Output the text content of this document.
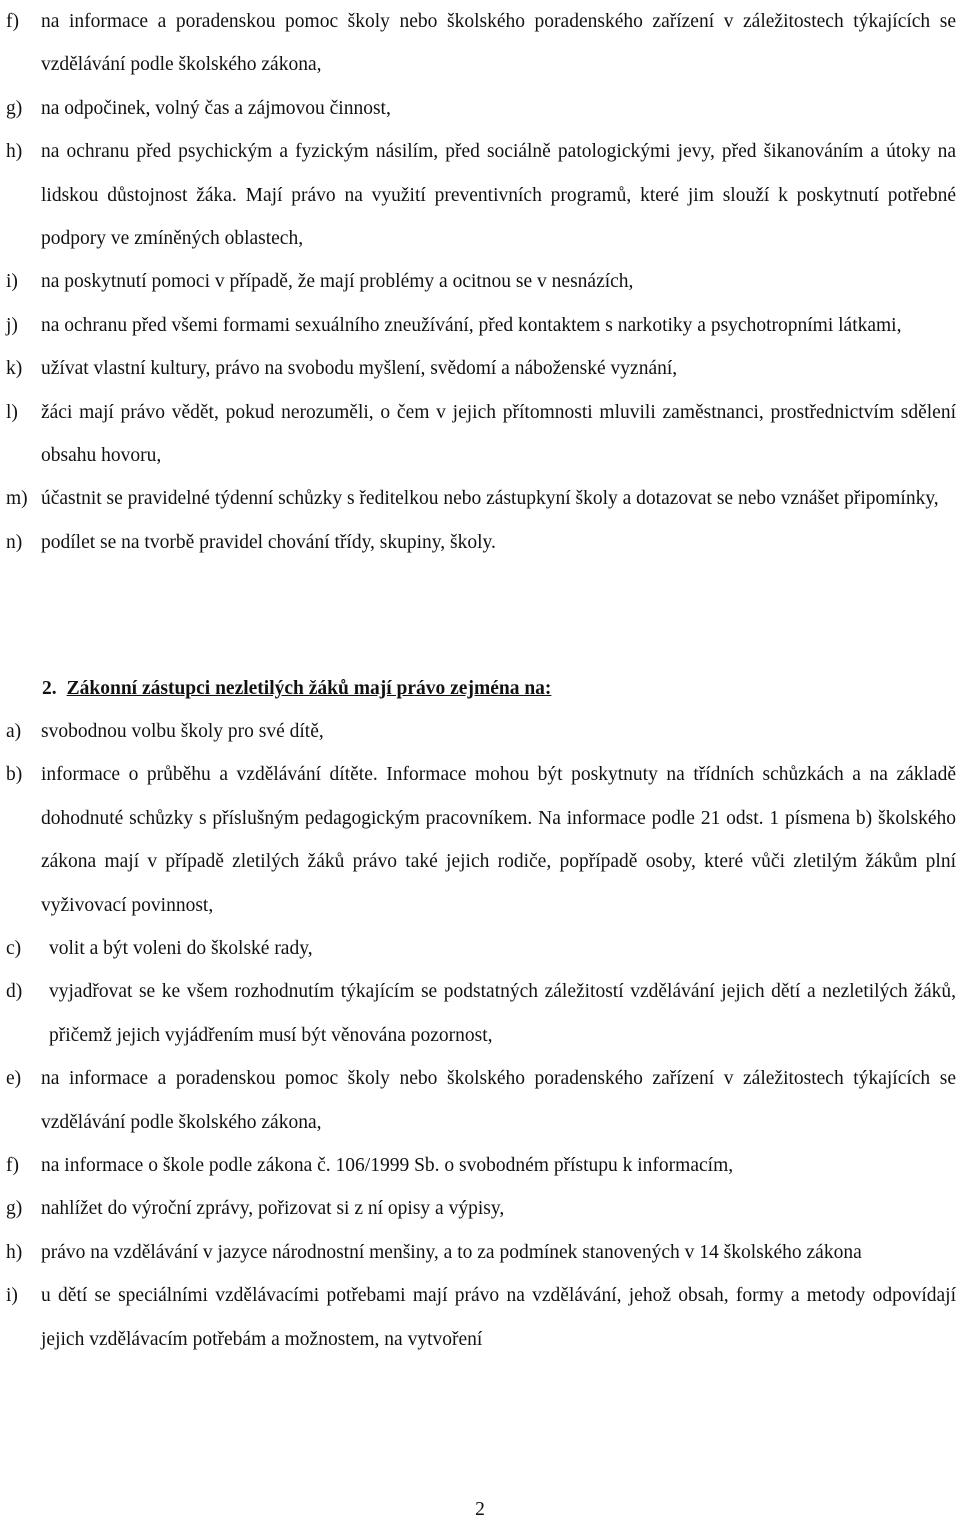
f)	na informace a poradenskou pomoc školy nebo školského poradenského zařízení v záležitostech týkajících se vzdělávání podle školského zákona,
g) na odpočinek, volný čas a zájmovou činnost,
h) na ochranu před psychickým a fyzickým násilím, před sociálně patologickými jevy, před šikanováním a útoky na lidskou důstojnost žáka. Mají právo na využití preventivních programů, které jim slouží k poskytnutí potřebné podpory ve zmíněných oblastech,
i)	na poskytnutí pomoci v případě, že mají problémy a ocitnou se v nesnázích,
j)	na ochranu před všemi formami sexuálního zneužívání, před kontaktem s narkotiky a psychotropními látkami,
k) užívat vlastní kultury, právo na svobodu myšlení, svědomí a náboženské vyznání,
l)	žáci mají právo vědět, pokud nerozuměli, o čem v jejich přítomnosti mluvili zaměstnanci, prostřednictvím sdělení obsahu hovoru,
m) účastnit se pravidelné týdenní schůzky s ředitelkou nebo zástupkyní školy a dotazovat se nebo vznášet připomínky,
n) podílet se na tvorbě pravidel chování třídy, skupiny, školy.
2. Zákonní zástupci nezletilých žáků mají právo zejména na:
a)	svobodnou volbu školy pro své dítě,
b) informace o průběhu a vzdělávání dítěte. Informace mohou být poskytnuty na třídních schůzkách a na základě dohodnuté schůzky s příslušným pedagogickým pracovníkem. Na informace podle 21 odst. 1 písmena b) školského zákona mají v případě zletilých žáků právo také jejich rodiče, popřípadě osoby, které vůči zletilým žákům plní vyživovací povinnost,
c)	volit a být voleni do školské rady,
d)	vyjadřovat se ke všem rozhodnutím týkajícím se podstatných záležitostí vzdělávání jejich dětí a nezletilých žáků, přičemž jejich vyjádřením musí být věnována pozornost,
e)	na informace a poradenskou pomoc školy nebo školského poradenského zařízení v záležitostech týkajících se vzdělávání podle školského zákona,
f)	na informace o škole podle zákona č. 106/1999 Sb. o svobodném přístupu k informacím,
g) nahlížet do výroční zprávy, pořizovat si z ní opisy a výpisy,
h) právo na vzdělávání v jazyce národnostní menšiny, a to za podmínek stanovených v 14 školského zákona
i)	u dětí se speciálními vzdělávacími potřebami mají právo na vzdělávání, jehož obsah, formy a metody odpovídají jejich vzdělávacím potřebám a možnostem, na vytvoření
2
